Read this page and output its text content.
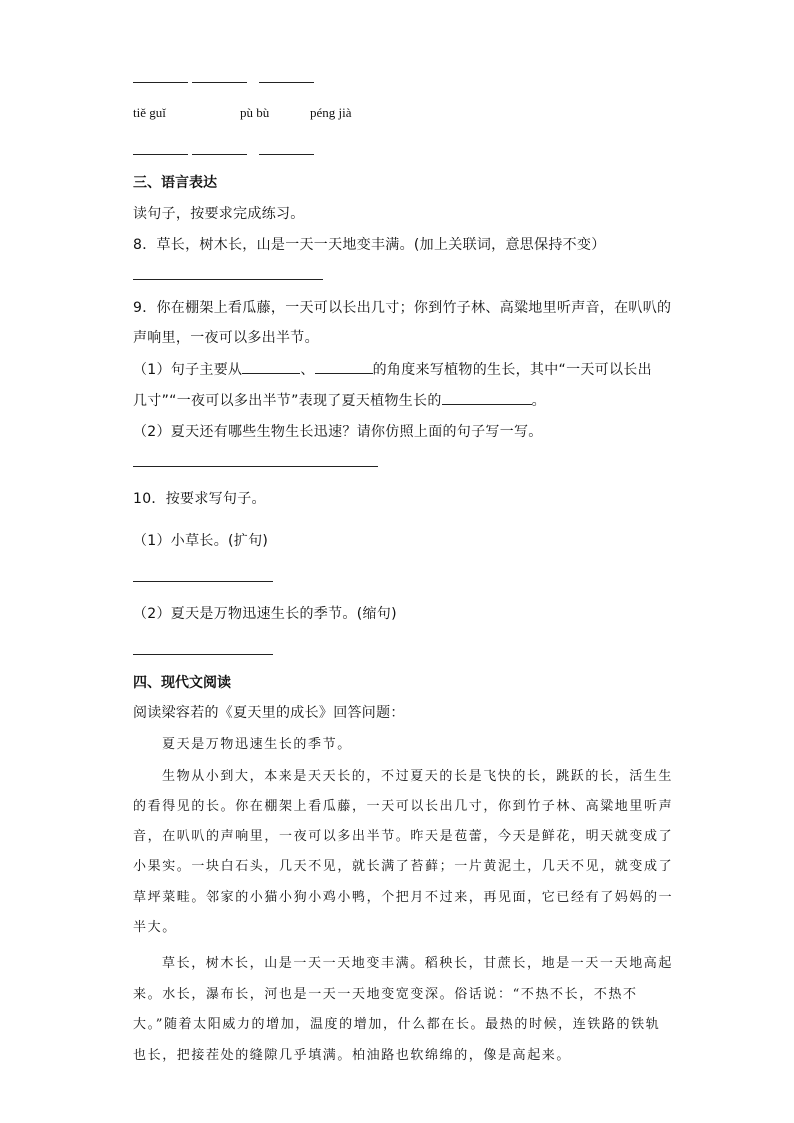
tiě guǐ	pù bù	péng jià
三、语言表达
读句子，按要求完成练习。
8．草长，树木长，山是一天一天地变丰满。(加上关联词，意思保持不变）
9．你在棚架上看瓜藤，一天可以长出几寸；你到竹子林、高粱地里听声音，在叭叭的
声响里，一夜可以多出半节。
（1）句子主要从	、	的角度来写植物的生长，其中“一天可以长出
几寸”“一夜可以多出半节”表现了夏天植物生长的	。
（2）夏天还有哪些生物生长迅速？请你仿照上面的句子写一写。
10．按要求写句子。
（1）小草长。(扩句)
（2）夏天是万物迅速生长的季节。(缩句)
四、现代文阅读
阅读梁容若的《夏天里的成长》回答问题：
夏天是万物迅速生长的季节。
生物从小到大，本来是天天长的，不过夏天的长是飞快的长，跳跃的长，活生生
的看得见的长。你在棚架上看瓜藤，一天可以长出几寸，你到竹子林、高粱地里听声
音，在叭叭的声响里，一夜可以多出半节。昨天是苞蕾，今天是鲜花，明天就变成了
小果实。一块白石头，几天不见，就长满了苔藓；一片黄泥土，几天不见，就变成了
草坪菜畦。邻家的小猫小狗小鸡小鸭，个把月不过来，再见面，它已经有了妈妈的一
半大。
草长，树木长，山是一天一天地变丰满。稻秧长，甘蔗长，地是一天一天地高起
来。水长，瀑布长，河也是一天一天地变宽变深。俗话说：“不热不长，不热不
大。”随着太阳威力的增加，温度的增加，什么都在长。最热的时候，连铁路的铁轨
也长，把接茬处的缝隙几乎填满。柏油路也软绵绵的，像是高起来。
